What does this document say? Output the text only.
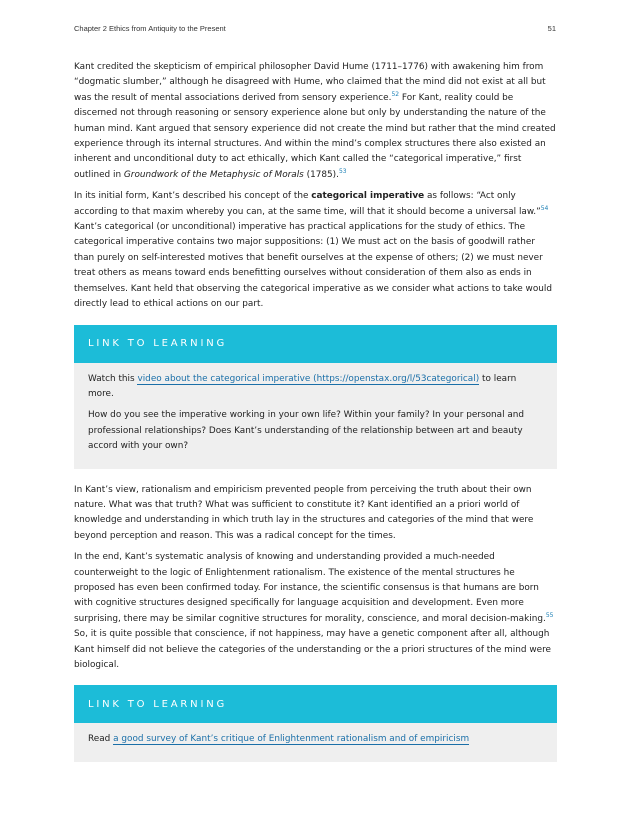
Chapter 2 Ethics from Antiquity to the Present	51

Kant credited the skepticism of empirical philosopher David Hume (1711–1776) with awakening him from “dogmatic slumber,” although he disagreed with Hume, who claimed that the mind did not exist at all but was the result of mental associations derived from sensory experience.$^{52}$ For Kant, reality could be discerned not through reasoning or sensory experience alone but only by understanding the nature of the human mind. Kant argued that sensory experience did not create the mind but rather that the mind created experience through its internal structures. And within the mind’s complex structures there also existed an inherent and unconditional duty to act ethically, which Kant called the “categorical imperative,” first outlined in Groundwork of the Metaphysic of Morals (1785).$^{53}$

In its initial form, Kant’s described his concept of the categorical imperative as follows: “Act only according to that maxim whereby you can, at the same time, will that it should become a universal law.”$^{54}$ Kant’s categorical (or unconditional) imperative has practical applications for the study of ethics. The categorical imperative contains two major suppositions: (1) We must act on the basis of goodwill rather than purely on self-interested motives that benefit ourselves at the expense of others; (2) we must never treat others as means toward ends benefitting ourselves without consideration of them also as ends in themselves. Kant held that observing the categorical imperative as we consider what actions to take would directly lead to ethical actions on our part.

LINK TO LEARNING

Watch this video about the categorical imperative (https://openstax.org/l/53categorical) to learn more.

How do you see the imperative working in your own life? Within your family? In your personal and professional relationships? Does Kant’s understanding of the relationship between art and beauty accord with your own?

In Kant’s view, rationalism and empiricism prevented people from perceiving the truth about their own nature. What was that truth? What was sufficient to constitute it? Kant identified an a priori world of knowledge and understanding in which truth lay in the structures and categories of the mind that were beyond perception and reason. This was a radical concept for the times.

In the end, Kant’s systematic analysis of knowing and understanding provided a much-needed counterweight to the logic of Enlightenment rationalism. The existence of the mental structures he proposed has even been confirmed today. For instance, the scientific consensus is that humans are born with cognitive structures designed specifically for language acquisition and development. Even more surprising, there may be similar cognitive structures for morality, conscience, and moral decision-making.$^{55}$ So, it is quite possible that conscience, if not happiness, may have a genetic component after all, although Kant himself did not believe the categories of the understanding or the a priori structures of the mind were biological.

LINK TO LEARNING

Read a good survey of Kant’s critique of Enlightenment rationalism and of empiricism
